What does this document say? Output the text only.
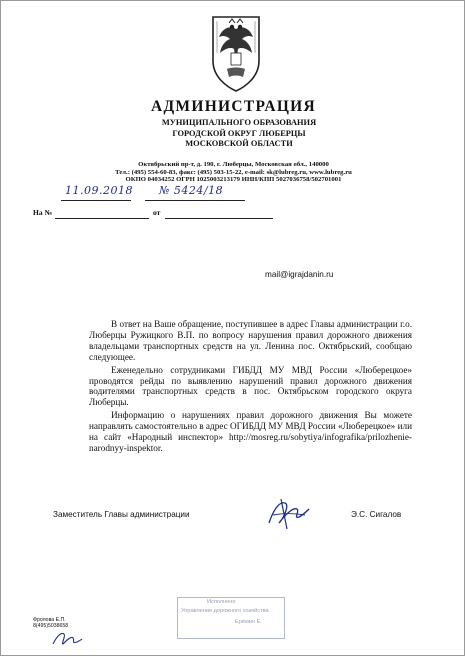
АДМИНИСТРАЦИЯ
МУНИЦИПАЛЬНОГО ОБРАЗОВАНИЯ
ГОРОДСКОЙ ОКРУГ ЛЮБЕРЦЫ
МОСКОВСКОЙ ОБЛАСТИ
Октябрьский пр-т, д. 190, г. Люберцы, Московская обл., 140000
Тел.: (495) 554-60-83, факс: (495) 503-15-22, e-mail: sk@lubreg.ru, www.lubreg.ru
ОКПО 04034252 ОГРН 1025003213179 ИНН/КПП 5027036758/502701001
11.09.2018 № 5424/18
На №	от
mail@igrajdanin.ru

В ответ на Ваше обращение, поступившее в адрес Главы администрации г.о. Люберцы Ружицкого В.П. по вопросу нарушения правил дорожного движения владельцами транспортных средств на ул. Ленина пос. Октябрьский, сообщаю следующее.

Еженедельно сотрудниками ГИБДД МУ МВД России «Люберецкое» проводятся рейды по выявлению нарушений правил дорожного движения водителями транспортных средств в пос. Октябрьском городского округа Люберцы.

Информацию о нарушениях правил дорожного движения Вы можете направлять самостоятельно в адрес ОГИБДД МУ МВД России «Люберецкое» или на сайт «Народный инспектор» http://mosreg.ru/sobytiya/infografika/prilozhenie-narodnyy-inspektor.

Заместитель Главы администрации	Э.С. Сигалов
Исполнено
Управление дорожного хозяйства
Ерёмин Е.
Фролова Е.П.
8(495)5038658
